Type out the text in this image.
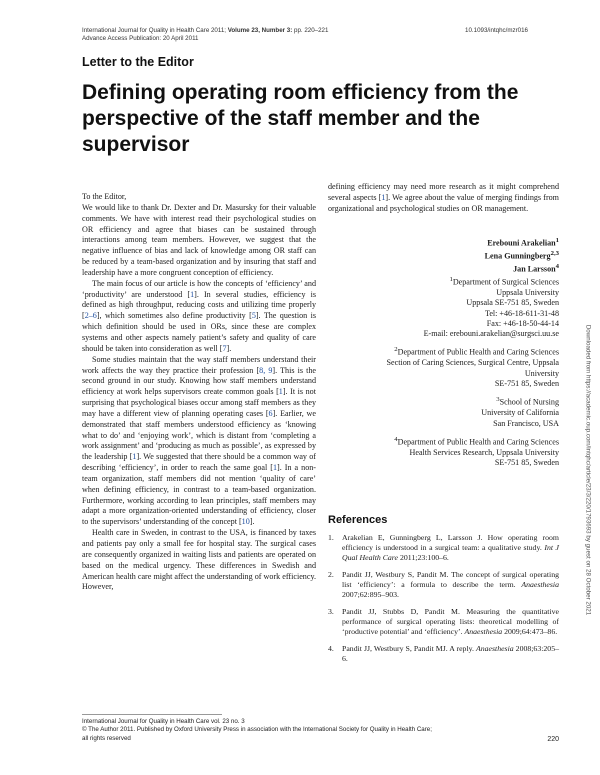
International Journal for Quality in Health Care 2011; Volume 23, Number 3: pp. 220–221
Advance Access Publication: 20 April 2011
10.1093/intqhc/mzr016
Letter to the Editor
Defining operating room efficiency from the perspective of the staff member and the supervisor

To the Editor,

We would like to thank Dr. Dexter and Dr. Masursky for their valuable comments. We have with interest read their psychological studies on OR efficiency and agree that biases can be sustained through interactions among team members. However, we suggest that the negative influence of bias and lack of knowledge among OR staff can be reduced by a team-based organization and by insuring that staff and leadership have a more congruent conception of efficiency.

The main focus of our article is how the concepts of ‘efficiency’ and ‘productivity’ are understood [1]. In several studies, efficiency is defined as high throughput, reducing costs and utilizing time properly [2–6], which sometimes also define productivity [5]. The question is which definition should be used in ORs, since these are complex systems and other aspects namely patient’s safety and quality of care should be taken into consideration as well [7].

Some studies maintain that the way staff members understand their work affects the way they practice their profession [8, 9]. This is the second ground in our study. Knowing how staff members understand efficiency at work helps supervisors create common goals [1]. It is not surprising that psychological biases occur among staff members as they may have a different view of planning operating cases [6]. Earlier, we demonstrated that staff members understood efficiency as ‘knowing what to do’ and ‘enjoying work’, which is distant from ‘completing a work assignment’ and ‘producing as much as possible’, as expressed by the leadership [1]. We suggested that there should be a common way of describing ‘efficiency’, in order to reach the same goal [1]. In a non-team organization, staff members did not mention ‘quality of care’ when defining efficiency, in contrast to a team-based organization. Furthermore, working according to lean principles, staff members may adapt a more organization-oriented understanding of efficiency, closer to the supervisors’ understanding of the concept [10].

Health care in Sweden, in contrast to the USA, is financed by taxes and patients pay only a small fee for hospital stay. The surgical cases are consequently organized in waiting lists and patients are operated on based on the medical urgency. These differences in Swedish and American health care might affect the understanding of work efficiency. However,

defining efficiency may need more research as it might comprehend several aspects [1]. We agree about the value of merging findings from organizational and psychological studies on OR management.

Erebouni Arakelian$^1$
Lena Gunningberg$^{2,3}$
Jan Larsson$^4$
$^1$Department of Surgical Sciences
Uppsala University
Uppsala SE-751 85, Sweden
Tel: +46-18-611-31-48
Fax: +46-18-50-44-14
E-mail: erebouni.arakelian@surgsci.uu.se
$^2$Department of Public Health and Caring Sciences
Section of Caring Sciences, Surgical Centre, Uppsala
University
SE-751 85, Sweden
$^3$School of Nursing
University of California
San Francisco, USA
$^4$Department of Public Health and Caring Sciences
Health Services Research, Uppsala University
SE-751 85, Sweden
References
1. Arakelian E, Gunningberg L, Larsson J. How operating room efficiency is understood in a surgical team: a qualitative study. Int J Qual Health Care 2011;23:100–6.
2. Pandit JJ, Westbury S, Pandit M. The concept of surgical operating list ‘efficiency’: a formula to describe the term. Anaesthesia 2007;62:895–903.
3. Pandit JJ, Stubbs D, Pandit M. Measuring the quantitative performance of surgical operating lists: theoretical modelling of ‘productive potential’ and ‘efficiency’. Anaesthesia 2009;64:473–86.
4. Pandit JJ, Westbury S, Pandit MJ. A reply. Anaesthesia 2008;63:205–6.
Downloaded from https://academic.oup.com/intqhc/article/23/3/220/1793693 by guest on 28 October 2021
International Journal for Quality in Health Care vol. 23 no. 3
© The Author 2011. Published by Oxford University Press in association with the International Society for Quality in Health Care;
all rights reserved	220
